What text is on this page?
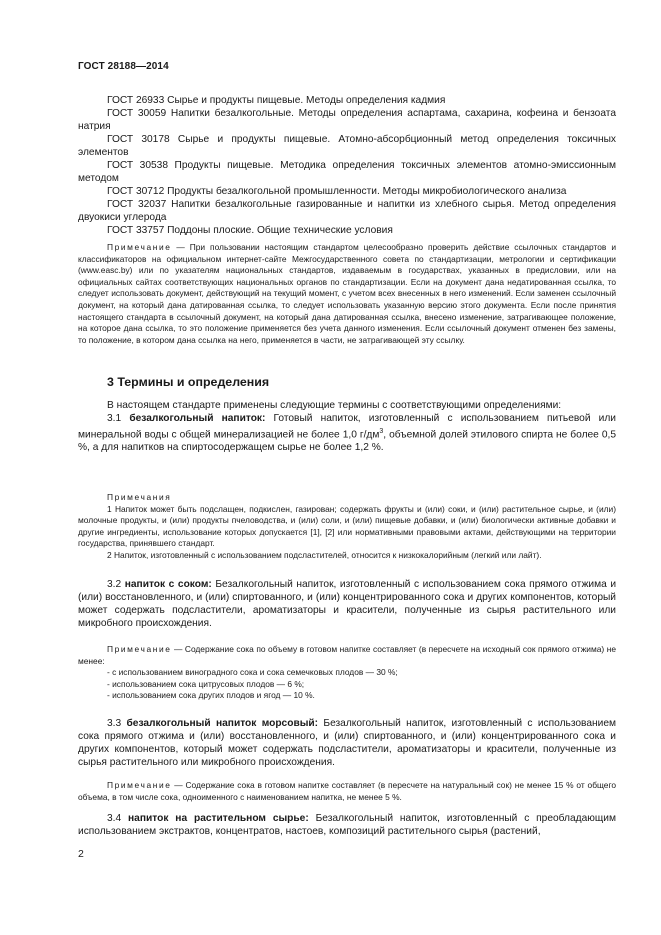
ГОСТ 28188—2014

ГОСТ 26933 Сырье и продукты пищевые. Методы определения кадмия

ГОСТ 30059 Напитки безалкогольные. Методы определения аспартама, сахарина, кофеина и бензоата натрия

ГОСТ 30178 Сырье и продукты пищевые. Атомно-абсорбционный метод определения токсичных элементов

ГОСТ 30538 Продукты пищевые. Методика определения токсичных элементов атомно-эмиссионным методом

ГОСТ 30712 Продукты безалкогольной промышленности. Методы микробиологического анализа

ГОСТ 32037 Напитки безалкогольные газированные и напитки из хлебного сырья. Метод определения двуокиси углерода

ГОСТ 33757 Поддоны плоские. Общие технические условия

Примечание — При пользовании настоящим стандартом целесообразно проверить действие ссылочных стандартов и классификаторов на официальном интернет-сайте Межгосударственного совета по стандартизации, метрологии и сертификации (www.easc.by) или по указателям национальных стандартов, издаваемым в государствах, указанных в предисловии, или на официальных сайтах соответствующих национальных органов по стандартизации. Если на документ дана недатированная ссылка, то следует использовать документ, действующий на текущий момент, с учетом всех внесенных в него изменений. Если заменен ссылочный документ, на который дана датированная ссылка, то следует использовать указанную версию этого документа. Если после принятия настоящего стандарта в ссылочный документ, на который дана датированная ссылка, внесено изменение, затрагивающее положение, на которое дана ссылка, то это положение применяется без учета данного изменения. Если ссылочный документ отменен без замены, то положение, в котором дана ссылка на него, применяется в части, не затрагивающей эту ссылку.

3 Термины и определения

В настоящем стандарте применены следующие термины с соответствующими определениями:

3.1 безалкогольный напиток: Готовый напиток, изготовленный с использованием питьевой или минеральной воды с общей минерализацией не более 1,0 $г/дм^3$, объемной долей этилового спирта не более 0,5 %, а для напитков на спиртосодержащем сырье не более 1,2 %.

Примечания

1 Напиток может быть подслащен, подкислен, газирован; содержать фрукты и (или) соки, и (или) растительное сырье, и (или) молочные продукты, и (или) продукты пчеловодства, и (или) соли, и (или) пищевые добавки, и (или) биологически активные добавки и другие ингредиенты, использование которых допускается [1], [2] или нормативными правовыми актами, действующими на территории государства, принявшего стандарт.

2 Напиток, изготовленный с использованием подсластителей, относится к низкокалорийным (легкий или лайт).

3.2 напиток с соком: Безалкогольный напиток, изготовленный с использованием сока прямого отжима и (или) восстановленного, и (или) спиртованного, и (или) концентрированного сока и других компонентов, который может содержать подсластители, ароматизаторы и красители, полученные из сырья растительного или микробного происхождения.

Примечание — Содержание сока по объему в готовом напитке составляет (в пересчете на исходный сок прямого отжима) не менее:

- с использованием виноградного сока и сока семечковых плодов — 30 %;

- использованием сока цитрусовых плодов — 6 %;

- использованием сока других плодов и ягод — 10 %.

3.3 безалкогольный напиток морсовый: Безалкогольный напиток, изготовленный с использованием сока прямого отжима и (или) восстановленного, и (или) спиртованного, и (или) концентрированного сока и других компонентов, который может содержать подсластители, ароматизаторы и красители, полученные из сырья растительного или микробного происхождения.

Примечание — Содержание сока в готовом напитке составляет (в пересчете на натуральный сок) не менее 15 % от общего объема, в том числе сока, одноименного с наименованием напитка, не менее 5 %.

3.4 напиток на растительном сырье: Безалкогольный напиток, изготовленный с преобладающим использованием экстрактов, концентратов, настоев, композиций растительного сырья (растений,

2
